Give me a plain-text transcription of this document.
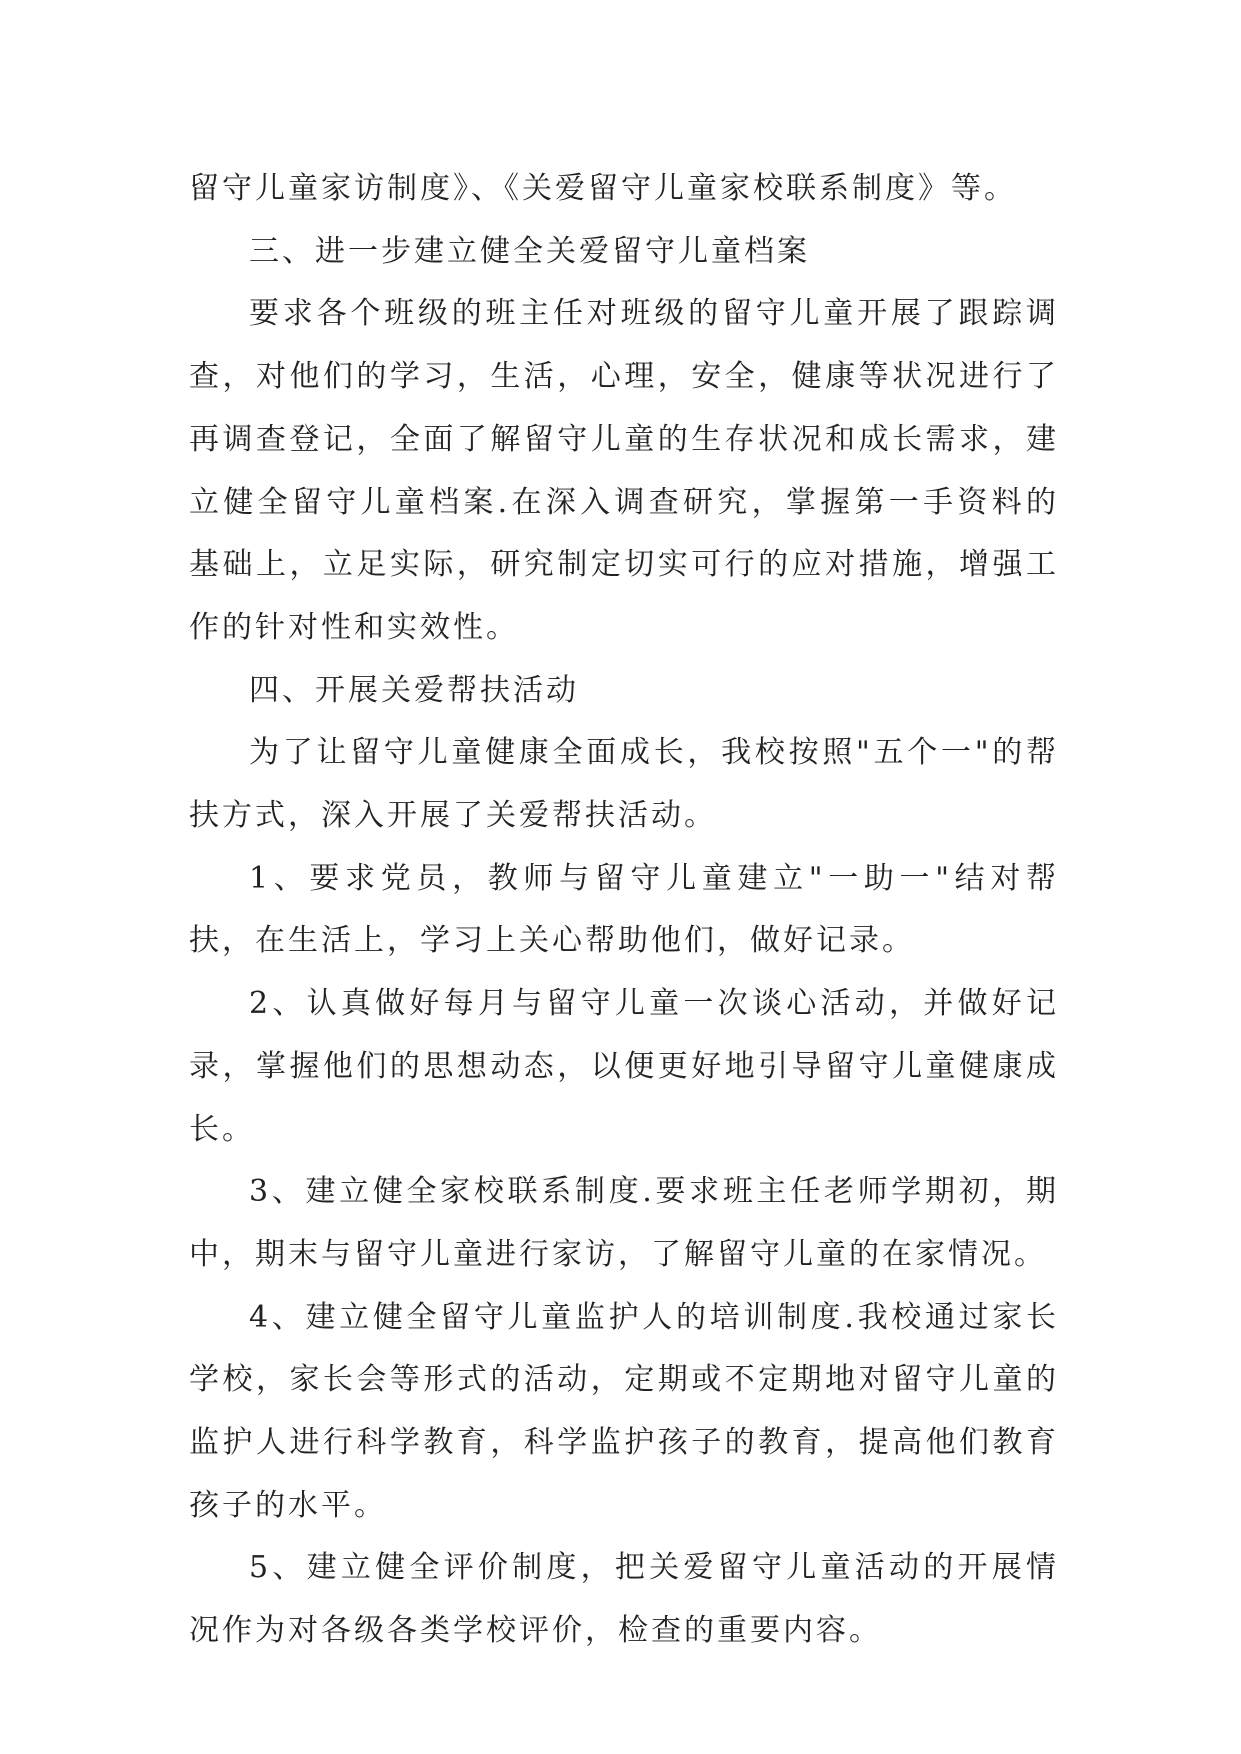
留守儿童家访制度》、《关爱留守儿童家校联系制度》等。

三、进一步建立健全关爱留守儿童档案

要求各个班级的班主任对班级的留守儿童开展了跟踪调查，对他们的学习，生活，心理，安全，健康等状况进行了再调查登记，全面了解留守儿童的生存状况和成长需求，建立健全留守儿童档案.在深入调查研究，掌握第一手资料的基础上，立足实际，研究制定切实可行的应对措施，增强工作的针对性和实效性。

四、开展关爱帮扶活动

为了让留守儿童健康全面成长，我校按照"五个一"的帮扶方式，深入开展了关爱帮扶活动。

1、要求党员，教师与留守儿童建立"一助一"结对帮扶，在生活上，学习上关心帮助他们，做好记录。

2、认真做好每月与留守儿童一次谈心活动，并做好记录，掌握他们的思想动态，以便更好地引导留守儿童健康成长。

3、建立健全家校联系制度.要求班主任老师学期初，期中，期末与留守儿童进行家访，了解留守儿童的在家情况。

4、建立健全留守儿童监护人的培训制度.我校通过家长学校，家长会等形式的活动，定期或不定期地对留守儿童的监护人进行科学教育，科学监护孩子的教育，提高他们教育孩子的水平。

5、建立健全评价制度，把关爱留守儿童活动的开展情况作为对各级各类学校评价，检查的重要内容。
